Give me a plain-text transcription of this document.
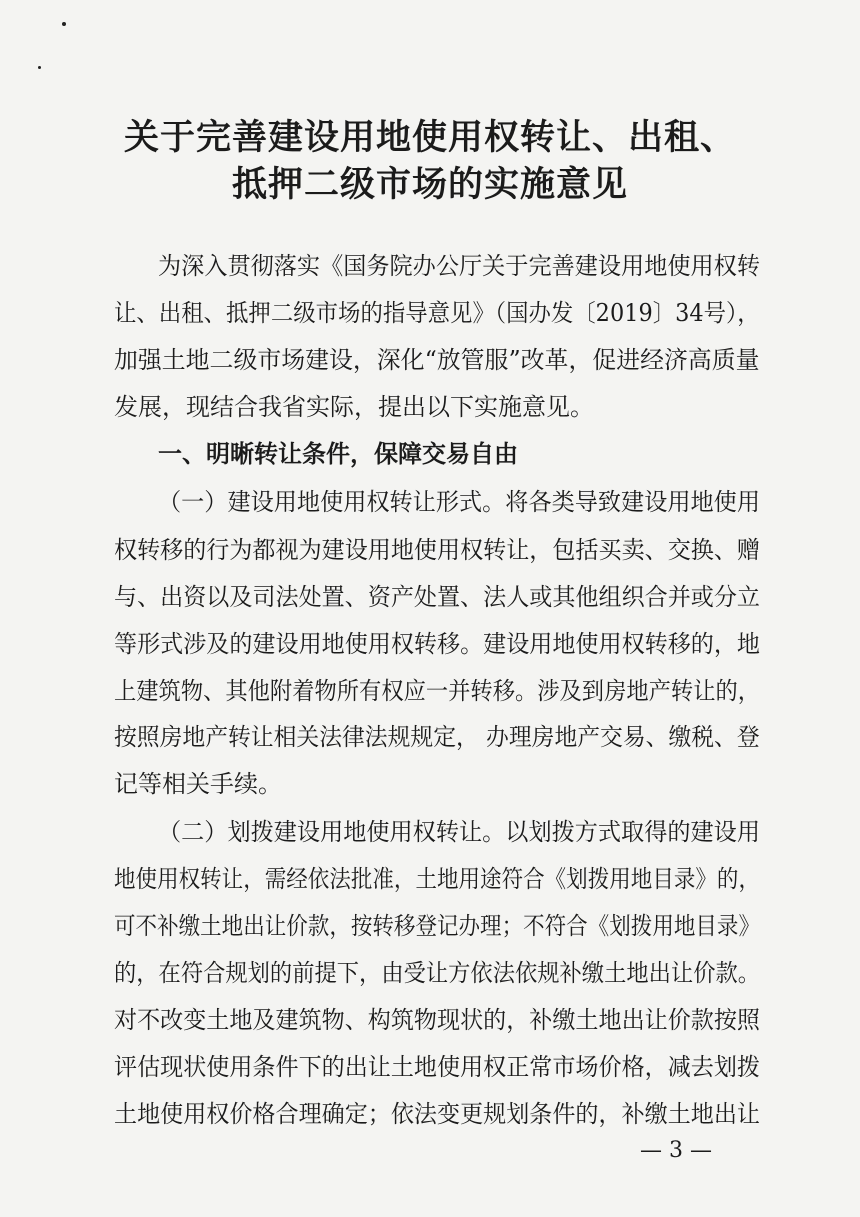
关于完善建设用地使用权转让、出租、
抵押二级市场的实施意见
为深入贯彻落实《国务院办公厅关于完善建设用地使用权转
让、出租、抵押二级市场的指导意见》（国办发〔2019〕34号），
加强土地二级市场建设，深化“放管服”改革，促进经济高质量
发展，现结合我省实际，提出以下实施意见。
一、明晰转让条件，保障交易自由
（一）建设用地使用权转让形式。将各类导致建设用地使用
权转移的行为都视为建设用地使用权转让，包括买卖、交换、赠
与、出资以及司法处置、资产处置、法人或其他组织合并或分立
等形式涉及的建设用地使用权转移。建设用地使用权转移的，地
上建筑物、其他附着物所有权应一并转移。涉及到房地产转让的，
按照房地产转让相关法律法规规定， 办理房地产交易、缴税、登
记等相关手续。
（二）划拨建设用地使用权转让。以划拨方式取得的建设用
地使用权转让，需经依法批准，土地用途符合《划拨用地目录》的，
可不补缴土地出让价款，按转移登记办理；不符合《划拨用地目录》
的，在符合规划的前提下，由受让方依法依规补缴土地出让价款。
对不改变土地及建筑物、构筑物现状的，补缴土地出让价款按照
评估现状使用条件下的出让土地使用权正常市场价格，减去划拨
土地使用权价格合理确定；依法变更规划条件的，补缴土地出让
— 3 —
